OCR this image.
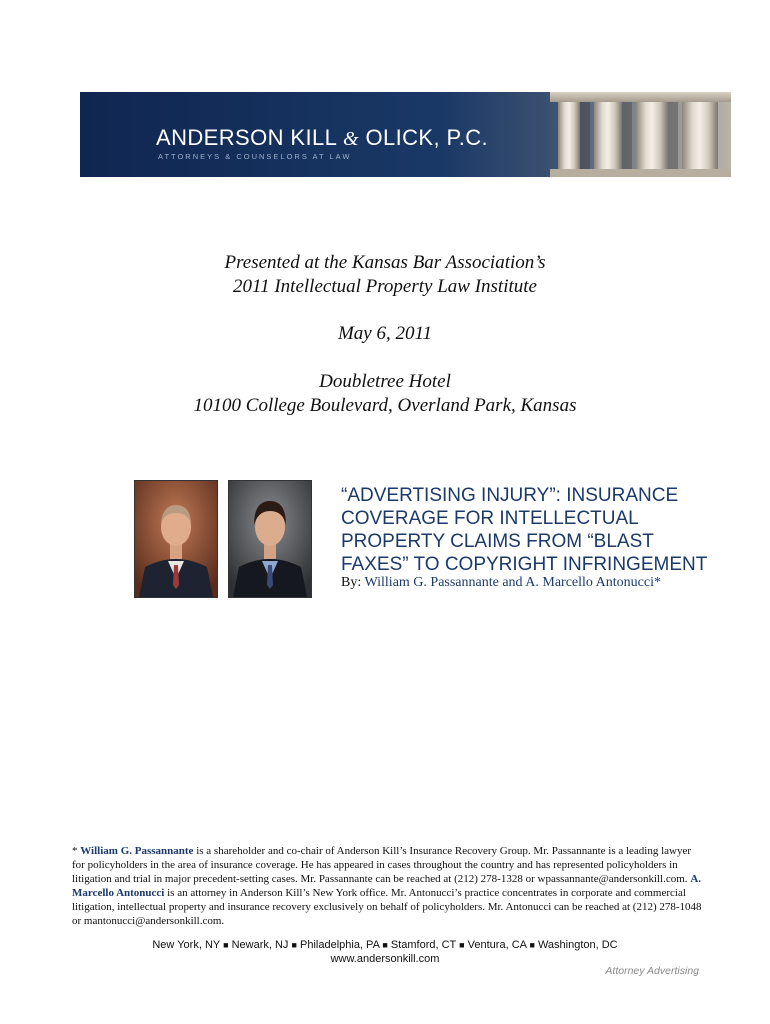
ANDERSON KILL & OLICK, P.C.
ATTORNEYS & COUNSELORS AT LAW
Presented at the Kansas Bar Association’s
2011 Intellectual Property Law Institute
May 6, 2011
Doubletree Hotel
10100 College Boulevard, Overland Park, Kansas
“ADVERTISING INJURY”: INSURANCE
COVERAGE FOR INTELLECTUAL
PROPERTY CLAIMS FROM “BLAST
FAXES” TO COPYRIGHT INFRINGEMENT
By: William G. Passannante and A. Marcello Antonucci*
* William G. Passannante is a shareholder and co-chair of Anderson Kill’s Insurance Recovery Group. Mr. Passannante is a leading lawyer for policyholders in the area of insurance coverage. He has appeared in cases throughout the country and has represented policyholders in litigation and trial in major precedent-setting cases. Mr. Passannante can be reached at (212) 278-1328 or wpassannante@andersonkill.com. A. Marcello Antonucci is an attorney in Anderson Kill’s New York office. Mr. Antonucci’s practice concentrates in corporate and commercial litigation, intellectual property and insurance recovery exclusively on behalf of policyholders. Mr. Antonucci can be reached at (212) 278-1048 or mantonucci@andersonkill.com.
New York, NY ■ Newark, NJ ■ Philadelphia, PA ■ Stamford, CT ■ Ventura, CA ■ Washington, DC
www.andersonkill.com
Attorney Advertising
